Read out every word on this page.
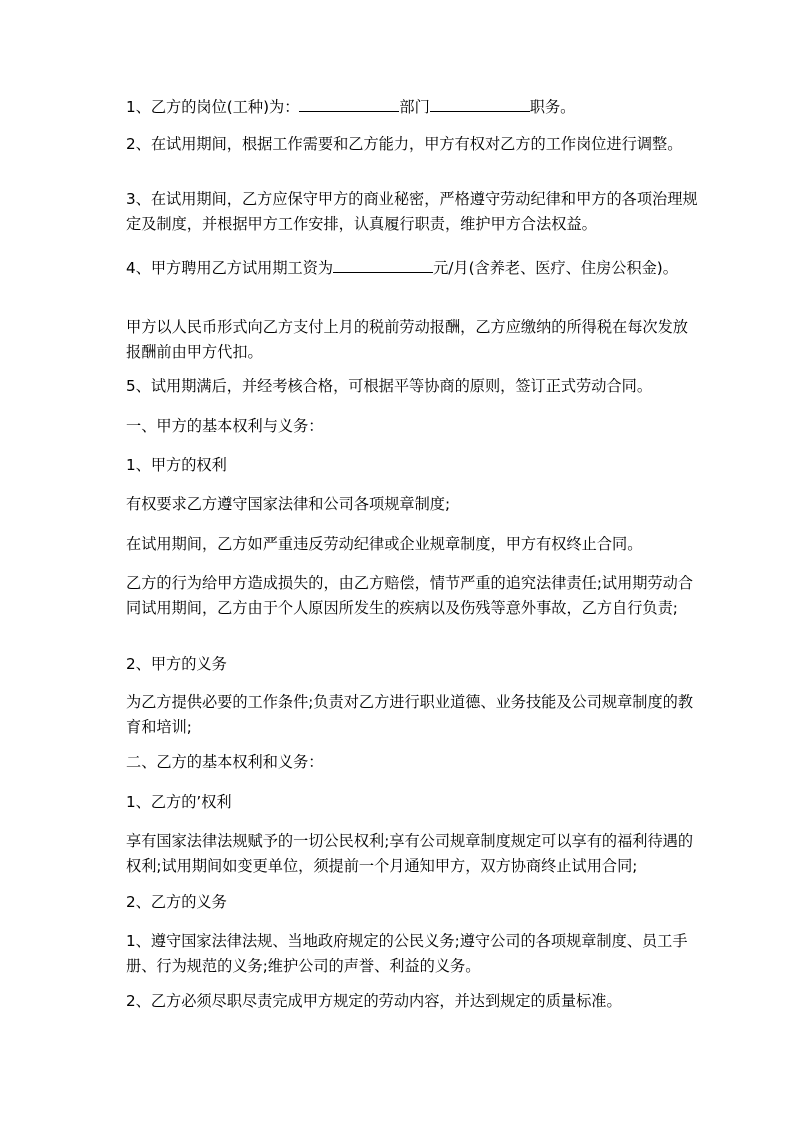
1、乙方的岗位(工种)为：	部门	职务。

2、在试用期间，根据工作需要和乙方能力，甲方有权对乙方的工作岗位进行调整。

3、在试用期间，乙方应保守甲方的商业秘密，严格遵守劳动纪律和甲方的各项治理规定及制度，并根据甲方工作安排，认真履行职责，维护甲方合法权益。

4、甲方聘用乙方试用期工资为	元/月(含养老、医疗、住房公积金)。

甲方以人民币形式向乙方支付上月的税前劳动报酬，乙方应缴纳的所得税在每次发放报酬前由甲方代扣。

5、试用期满后，并经考核合格，可根据平等协商的原则，签订正式劳动合同。

一、甲方的基本权利与义务：

1、甲方的权利

有权要求乙方遵守国家法律和公司各项规章制度;

在试用期间，乙方如严重违反劳动纪律或企业规章制度，甲方有权终止合同。

乙方的行为给甲方造成损失的，由乙方赔偿，情节严重的追究法律责任;试用期劳动合同试用期间，乙方由于个人原因所发生的疾病以及伤残等意外事故，乙方自行负责;

2、甲方的义务

为乙方提供必要的工作条件;负责对乙方进行职业道德、业务技能及公司规章制度的教育和培训;

二、乙方的基本权利和义务：

1、乙方的’权利

享有国家法律法规赋予的一切公民权利;享有公司规章制度规定可以享有的福利待遇的权利;试用期间如变更单位，须提前一个月通知甲方，双方协商终止试用合同;

2、乙方的义务

1、遵守国家法律法规、当地政府规定的公民义务;遵守公司的各项规章制度、员工手册、行为规范的义务;维护公司的声誉、利益的义务。

2、乙方必须尽职尽责完成甲方规定的劳动内容，并达到规定的质量标准。
